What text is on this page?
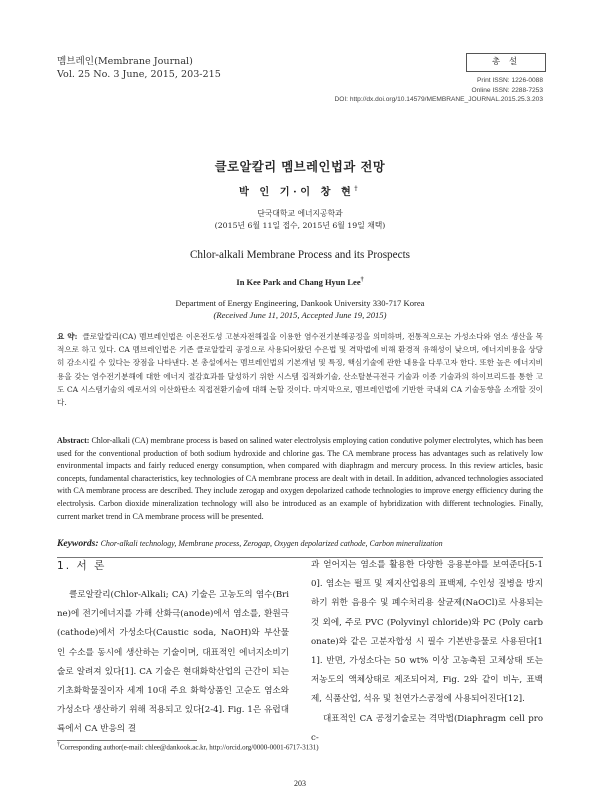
멤브레인(Membrane Journal)
Vol. 25 No. 3 June, 2015, 203-215
총 설
Print ISSN: 1226-0088
Online ISSN: 2288-7253
DOI: http://dx.doi.org/10.14579/MEMBRANE_JOURNAL.2015.25.3.203
클로알칼리 멤브레인법과 전망
박 인 기·이 창 현†
단국대학교 에너지공학과
(2015년 6월 11일 접수, 2015년 6월 19일 채택)
Chlor-alkali Membrane Process and its Prospects
In Kee Park and Chang Hyun Lee†
Department of Energy Engineering, Dankook University 330-717 Korea
(Received June 11, 2015, Accepted June 19, 2015)
요 약: 클로알칼리(CA) 멤브레인법은 이온전도성 고분자전해질을 이용한 염수전기분해공정을 의미하며, 전통적으로는 가성소다와 염소 생산을 목적으로 하고 있다. CA 멤브레인법은 기존 클로알칼리 공정으로 사용되어왔던 수은법 및 격막법에 비해 환경적 유해성이 낮으며, 에너지비용을 상당히 감소시킬 수 있다는 장점을 나타낸다. 본 총설에서는 멤브레인법의 기본개념 및 특징, 핵심기술에 관한 내용을 다루고자 한다. 또한 높은 에너지비용을 갖는 염수전기분해에 대한 에너지 절감효과를 달성하기 위한 시스템 집적화기술, 산소탈분극전극 기술과 이종 기술과의 하이브리드를 통한 고도 CA 시스템기술의 예로서의 이산화탄소 직접전환기술에 대해 논할 것이다. 마지막으로, 멤브레인법에 기반한 국내외 CA 기술동향을 소개할 것이다.
Abstract: Chlor-alkali (CA) membrane process is based on salined water electrolysis employing cation condutive polymer electrolytes, which has been used for the conventional production of both sodium hydroxide and chlorine gas. The CA membrane process has advantages such as relatively low environmental impacts and fairly reduced energy consumption, when compared with diaphragm and mercury process. In this review articles, basic concepts, fundamental characteristics, key technologies of CA membrane process are dealt with in detail. In addition, advanced technologies associated with CA membrane process are described. They include zerogap and oxygen depolarized cathode technologies to improve energy efficiency during the electrolysis. Carbon dioxide mineralization technology will also be introduced as an example of hybridization with different technologies. Finally, current market trend in CA membrane process will be presented.
Keywords: Chor-alkali technology, Membrane process, Zerogap, Oxygen depolarized cathode, Carbon mineralization
1. 서 론
클로알칼리(Chlor-Alkali; CA) 기술은 고농도의 염수(Brine)에 전기에너지를 가해 산화극(anode)에서 염소를, 환원극(cathode)에서 가성소다(Caustic soda, NaOH)와 부산물인 수소를 동시에 생산하는 기술이며, 대표적인 에너지소비기술로 알려져 있다[1]. CA 기술은 현대화학산업의 근간이 되는 기초화학물질이자 세계 10대 주요 화학상품인 고순도 염소와 가성소다 생산하기 위해 적용되고 있다[2-4]. Fig. 1은 유럽대륙에서 CA 반응의 결
과 얻어지는 염소를 활용한 다양한 응용분야를 보여준다[5-10]. 염소는 펄프 및 제지산업용의 표백제, 수인성 질병을 방지하기 위한 음용수 및 폐수처리용 살균제(NaOCl)로 사용되는 것 외에, 주로 PVC (Polyvinyl chloride)와 PC (Poly carbonate)와 같은 고분자합성 시 필수 기본반응물로 사용된다[11]. 반면, 가성소다는 50 wt% 이상 고농축된 고체상태 또는 저농도의 액체상태로 제조되어져, Fig. 2와 같이 비누, 표백제, 식품산업, 석유 및 천연가스공정에 사용되어진다[12].
대표적인 CA 공정기술로는 격막법(Diaphragm cell proc-
†Corresponding author(e-mail: chlee@dankook.ac.kr, http://orcid.org/0000-0001-6717-3131)
203
